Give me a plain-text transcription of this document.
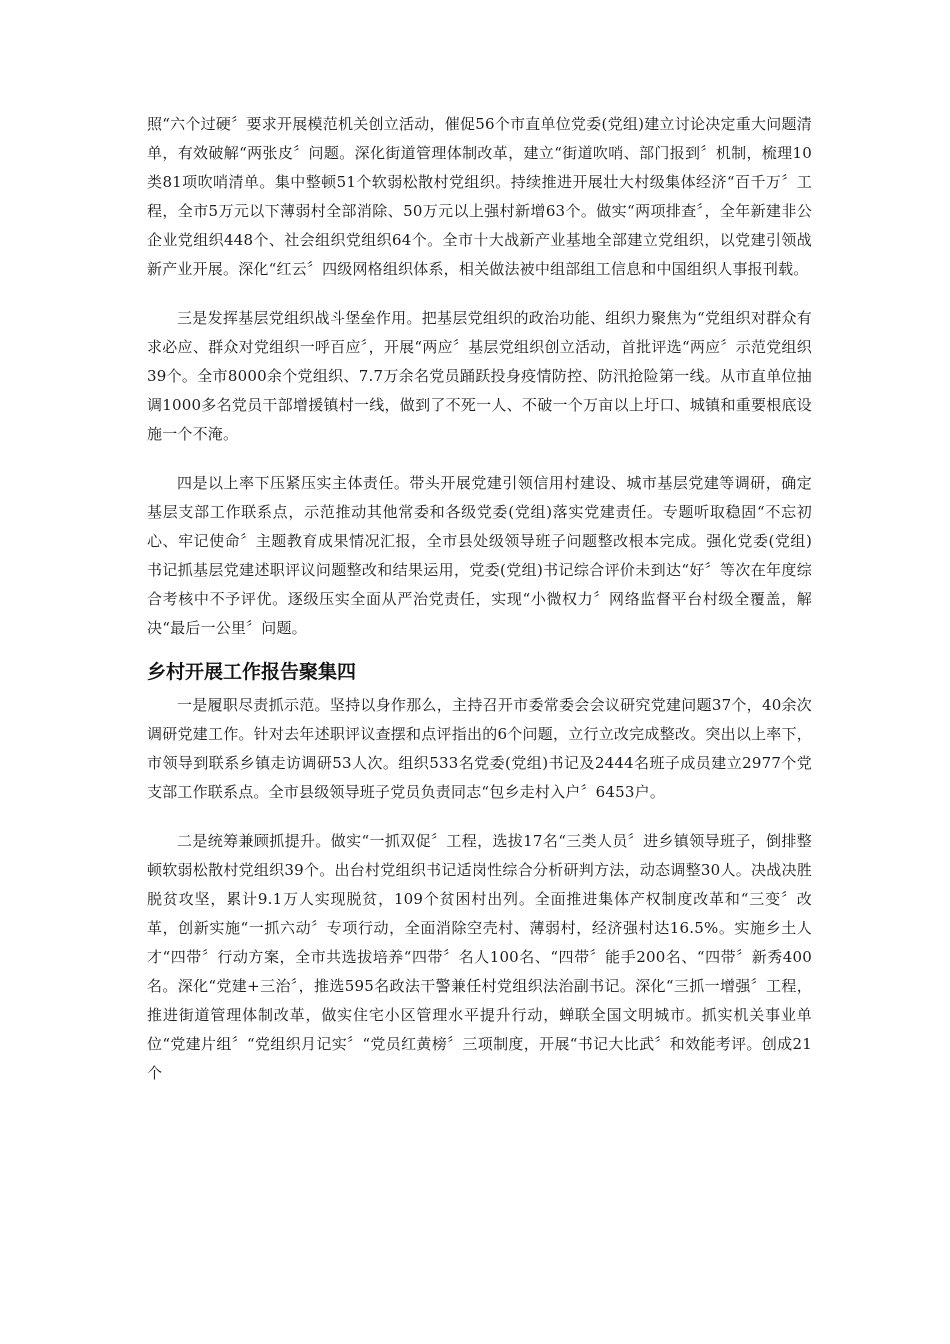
照“六个过硬〞要求开展模范机关创立活动，催促56个市直单位党委(党组)建立讨论决定重大问题清单，有效破解“两张皮〞问题。深化街道管理体制改革，建立“街道吹哨、部门报到〞机制，梳理10类81项吹哨清单。集中整顿51个软弱松散村党组织。持续推进开展壮大村级集体经济“百千万〞工程，全市5万元以下薄弱村全部消除、50万元以上强村新增63个。做实“两项排查〞，全年新建非公企业党组织448个、社会组织党组织64个。全市十大战新产业基地全部建立党组织，以党建引领战新产业开展。深化“红云〞四级网格组织体系，相关做法被中组部组工信息和中国组织人事报刊载。

三是发挥基层党组织战斗堡垒作用。把基层党组织的政治功能、组织力聚焦为“党组织对群众有求必应、群众对党组织一呼百应〞，开展“两应〞基层党组织创立活动，首批评选“两应〞示范党组织39个。全市8000余个党组织、7.7万余名党员踊跃投身疫情防控、防汛抢险第一线。从市直单位抽调1000多名党员干部增援镇村一线，做到了不死一人、不破一个万亩以上圩口、城镇和重要根底设施一个不淹。

四是以上率下压紧压实主体责任。带头开展党建引领信用村建设、城市基层党建等调研，确定基层支部工作联系点，示范推动其他常委和各级党委(党组)落实党建责任。专题听取稳固“不忘初心、牢记使命〞主题教育成果情况汇报，全市县处级领导班子问题整改根本完成。强化党委(党组)书记抓基层党建述职评议问题整改和结果运用，党委(党组)书记综合评价未到达“好〞等次在年度综合考核中不予评优。逐级压实全面从严治党责任，实现“小微权力〞网络监督平台村级全覆盖，解决“最后一公里〞问题。

乡村开展工作报告聚集四

一是履职尽责抓示范。坚持以身作那么，主持召开市委常委会会议研究党建问题37个，40余次调研党建工作。针对去年述职评议查摆和点评指出的6个问题，立行立改完成整改。突出以上率下，市领导到联系乡镇走访调研53人次。组织533名党委(党组)书记及2444名班子成员建立2977个党支部工作联系点。全市县级领导班子党员负责同志“包乡走村入户〞6453户。

二是统筹兼顾抓提升。做实“一抓双促〞工程，选拔17名“三类人员〞进乡镇领导班子，倒排整顿软弱松散村党组织39个。出台村党组织书记适岗性综合分析研判方法，动态调整30人。决战决胜脱贫攻坚，累计9.1万人实现脱贫，109个贫困村出列。全面推进集体产权制度改革和“三变〞改革，创新实施“一抓六动〞专项行动，全面消除空壳村、薄弱村，经济强村达16.5%。实施乡土人才“四带〞行动方案，全市共选拔培养“四带〞名人100名、“四带〞能手200名、“四带〞新秀400名。深化“党建+三治〞，推选595名政法干警兼任村党组织法治副书记。深化“三抓一增强〞工程，推进街道管理体制改革，做实住宅小区管理水平提升行动，蝉联全国文明城市。抓实机关事业单位“党建片组〞“党组织月记实〞“党员红黄榜〞三项制度，开展“书记大比武〞和效能考评。创成21个
